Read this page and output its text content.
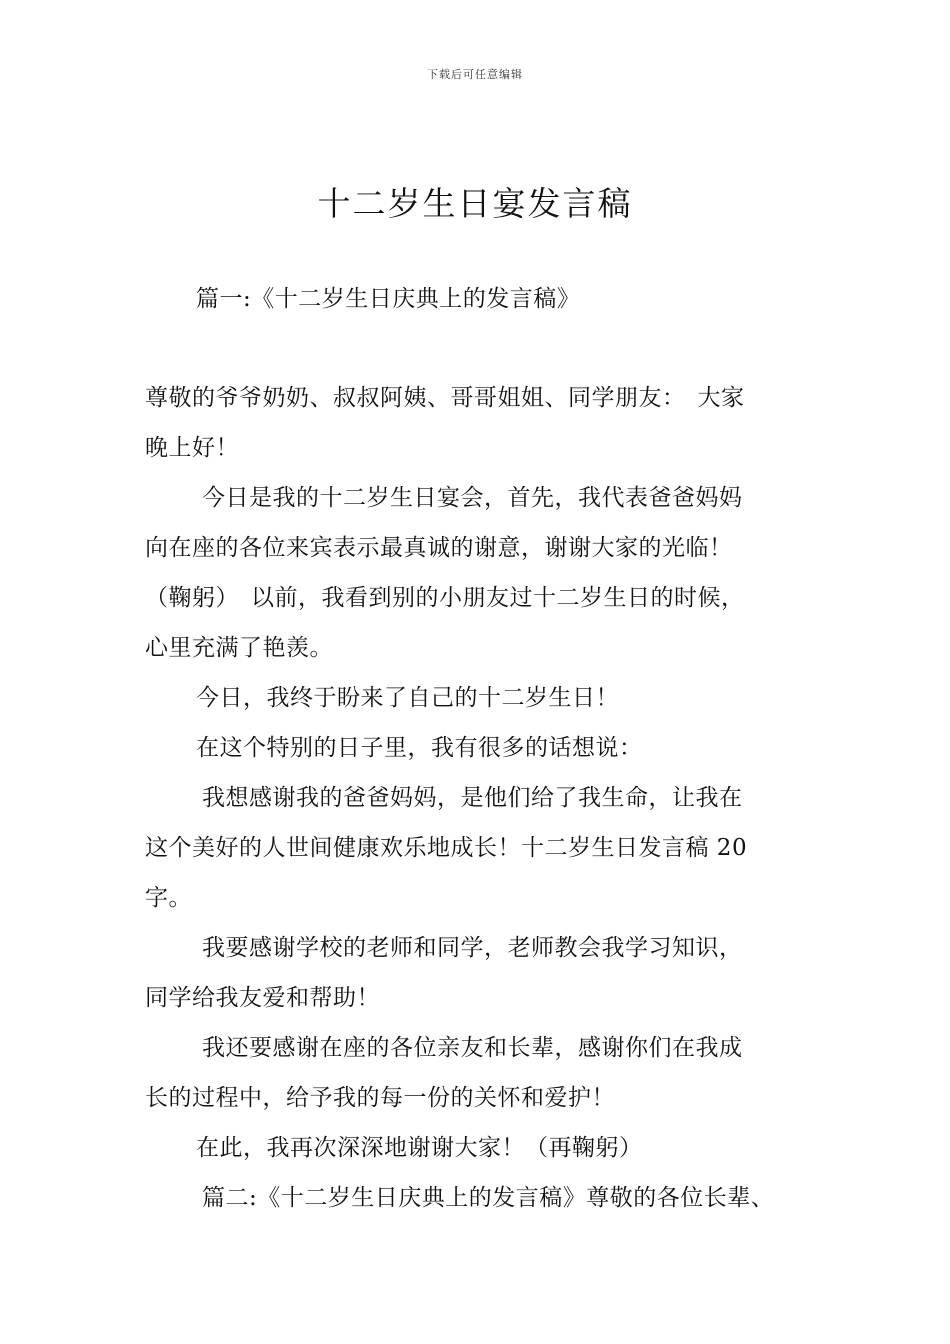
下载后可任意编辑
十二岁生日宴发言稿
篇一:《十二岁生日庆典上的发言稿》
尊敬的爷爷奶奶、叔叔阿姨、哥哥姐姐、同学朋友：　大家
晚上好！
今日是我的十二岁生日宴会，首先，我代表爸爸妈妈
向在座的各位来宾表示最真诚的谢意，谢谢大家的光临！
（鞠躬）　以前，我看到别的小朋友过十二岁生日的时候，
心里充满了艳羡。
今日，我终于盼来了自己的十二岁生日！
在这个特别的日子里，我有很多的话想说：
我想感谢我的爸爸妈妈，是他们给了我生命，让我在
这个美好的人世间健康欢乐地成长！十二岁生日发言稿 20
字。
我要感谢学校的老师和同学，老师教会我学习知识，
同学给我友爱和帮助！
我还要感谢在座的各位亲友和长辈，感谢你们在我成
长的过程中，给予我的每一份的关怀和爱护！
在此，我再次深深地谢谢大家！（再鞠躬）
篇二:《十二岁生日庆典上的发言稿》尊敬的各位长辈、
